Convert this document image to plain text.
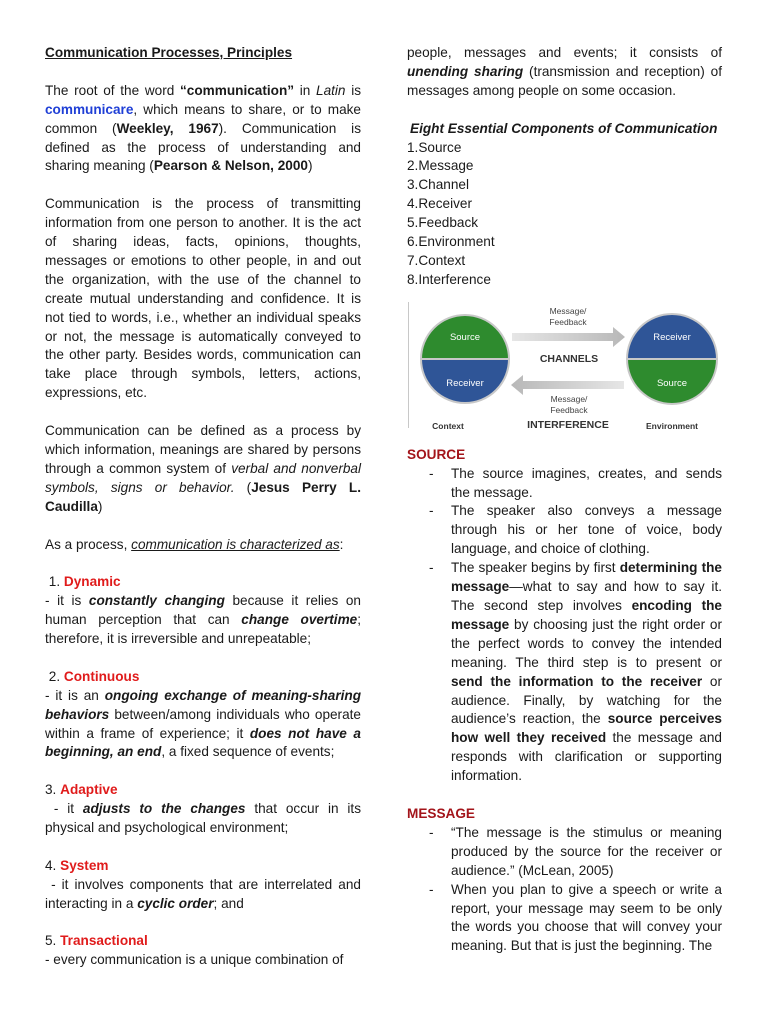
Communication Processes, Principles

The root of the word “communication” in Latin is communicare, which means to share, or to make common (Weekley, 1967). Communication is defined as the process of understanding and sharing meaning (Pearson & Nelson, 2000)

Communication is the process of transmitting information from one person to another. It is the act of sharing ideas, facts, opinions, thoughts, messages or emotions to other people, in and out the organization, with the use of the channel to create mutual understanding and confidence. It is not tied to words, i.e., whether an individual speaks or not, the message is automatically conveyed to the other party. Besides words, communication can take place through symbols, letters, actions, expressions, etc.

Communication can be defined as a process by which information, meanings are shared by persons through a common system of verbal and nonverbal symbols, signs or behavior. (Jesus Perry L. Caudilla)

As a process, communication is characterized as:

1. Dynamic

- it is constantly changing because it relies on human perception that can change overtime; therefore, it is irreversible and unrepeatable;

2. Continuous

- it is an ongoing exchange of meaning-sharing behaviors between/among individuals who operate within a frame of experience; it does not have a beginning, an end, a fixed sequence of events;

3. Adaptive

- it adjusts to the changes that occur in its physical and psychological environment;

4. System

- it involves components that are interrelated and interacting in a cyclic order; and

5. Transactional

- every communication is a unique combination of

people, messages and events; it consists of unending sharing (transmission and reception) of messages among people on some occasion.

Eight Essential Components of Communication

1.Source

2.Message

3.Channel

4.Receiver

5.Feedback

6.Environment

7.Context

8.Interference

Source
Receiver
Receiver
Source
Message/
Feedback
CHANNELS
Message/
Feedback
Context	INTERFERENCE	Environment

SOURCE

- The source imagines, creates, and sends the message.
- The speaker also conveys a message through his or her tone of voice, body language, and choice of clothing.
- The speaker begins by first determining the message—what to say and how to say it. The second step involves encoding the message by choosing just the right order or the perfect words to convey the intended meaning. The third step is to present or send the information to the receiver or audience. Finally, by watching for the audience’s reaction, the source perceives how well they received the message and responds with clarification or supporting information.

MESSAGE

- “The message is the stimulus or meaning produced by the source for the receiver or audience.” (McLean, 2005)
- When you plan to give a speech or write a report, your message may seem to be only the words you choose that will convey your meaning. But that is just the beginning. The
